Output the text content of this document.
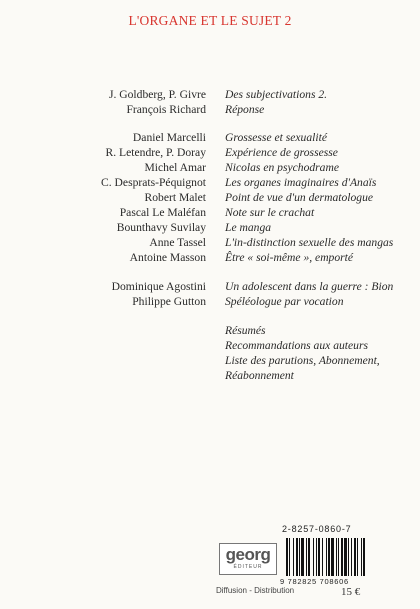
L'ORGANE ET LE SUJET 2
J. Goldberg, P. Givre Des subjectivations 2.
François Richard Réponse
Daniel Marcelli Grossesse et sexualité
R. Letendre, P. Doray Expérience de grossesse
Michel Amar Nicolas en psychodrame
C. Desprats-Péquignot Les organes imaginaires d'Anaïs
Robert Malet Point de vue d'un dermatologue
Pascal Le Maléfan Note sur le crachat
Bounthavy Suvilay Le manga
Anne Tassel L'in-distinction sexuelle des mangas
Antoine Masson Être « soi-même », emporté
Dominique Agostini Un adolescent dans la guerre : Bion
Philippe Gutton Spéléologue par vocation
Résumés
Recommandations aux auteurs
Liste des parutions, Abonnement,
Réabonnement
2-8257-0860-7
georg
ÉDITEUR
9 782825 708606
Diffusion - Distribution	15 €
